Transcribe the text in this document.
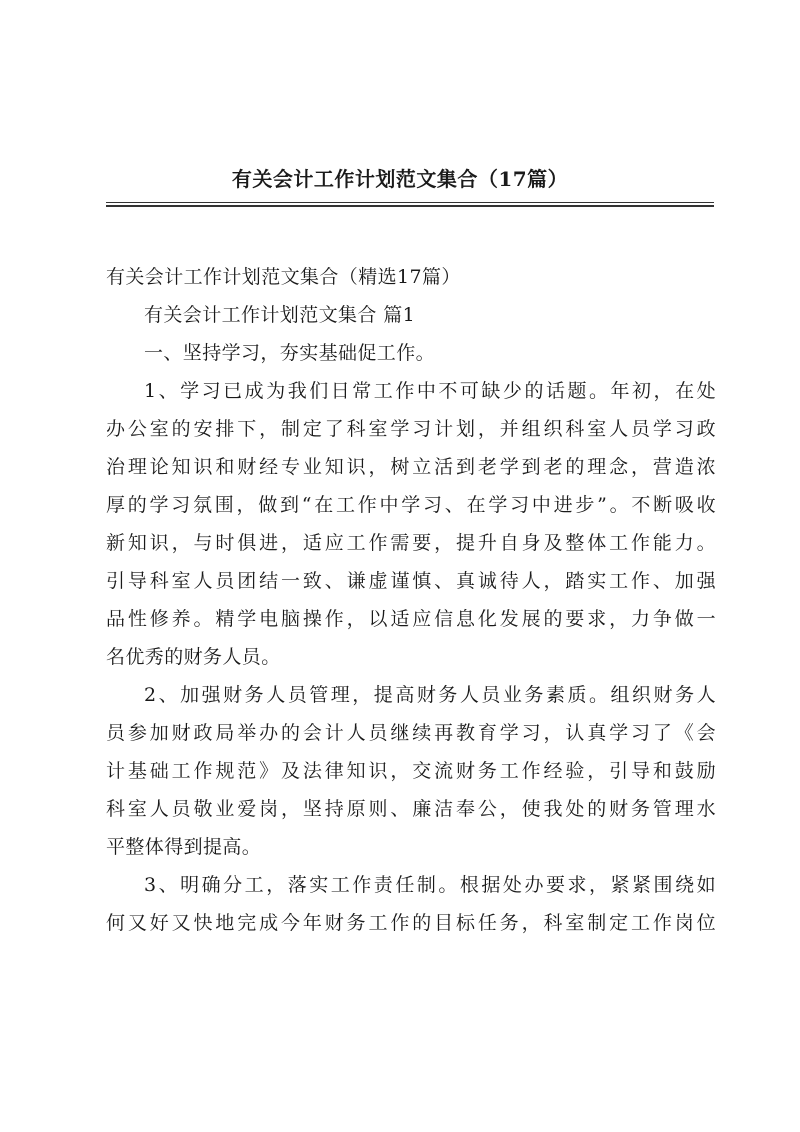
有关会计工作计划范文集合（17篇）
有关会计工作计划范文集合（精选17篇）
有关会计工作计划范文集合 篇1
一、坚持学习，夯实基础促工作。
1、学习已成为我们日常工作中不可缺少的话题。年初，在处
办公室的安排下，制定了科室学习计划，并组织科室人员学习政
治理论知识和财经专业知识，树立活到老学到老的理念，营造浓
厚的学习氛围，做到“在工作中学习、在学习中进步”。不断吸收
新知识，与时俱进，适应工作需要，提升自身及整体工作能力。
引导科室人员团结一致、谦虚谨慎、真诚待人，踏实工作、加强
品性修养。精学电脑操作，以适应信息化发展的要求，力争做一
名优秀的财务人员。
2、加强财务人员管理，提高财务人员业务素质。组织财务人
员参加财政局举办的会计人员继续再教育学习，认真学习了《会
计基础工作规范》及法律知识，交流财务工作经验，引导和鼓励
科室人员敬业爱岗，坚持原则、廉洁奉公，使我处的财务管理水
平整体得到提高。
3、明确分工，落实工作责任制。根据处办要求，紧紧围绕如
何又好又快地完成今年财务工作的目标任务，科室制定工作岗位
